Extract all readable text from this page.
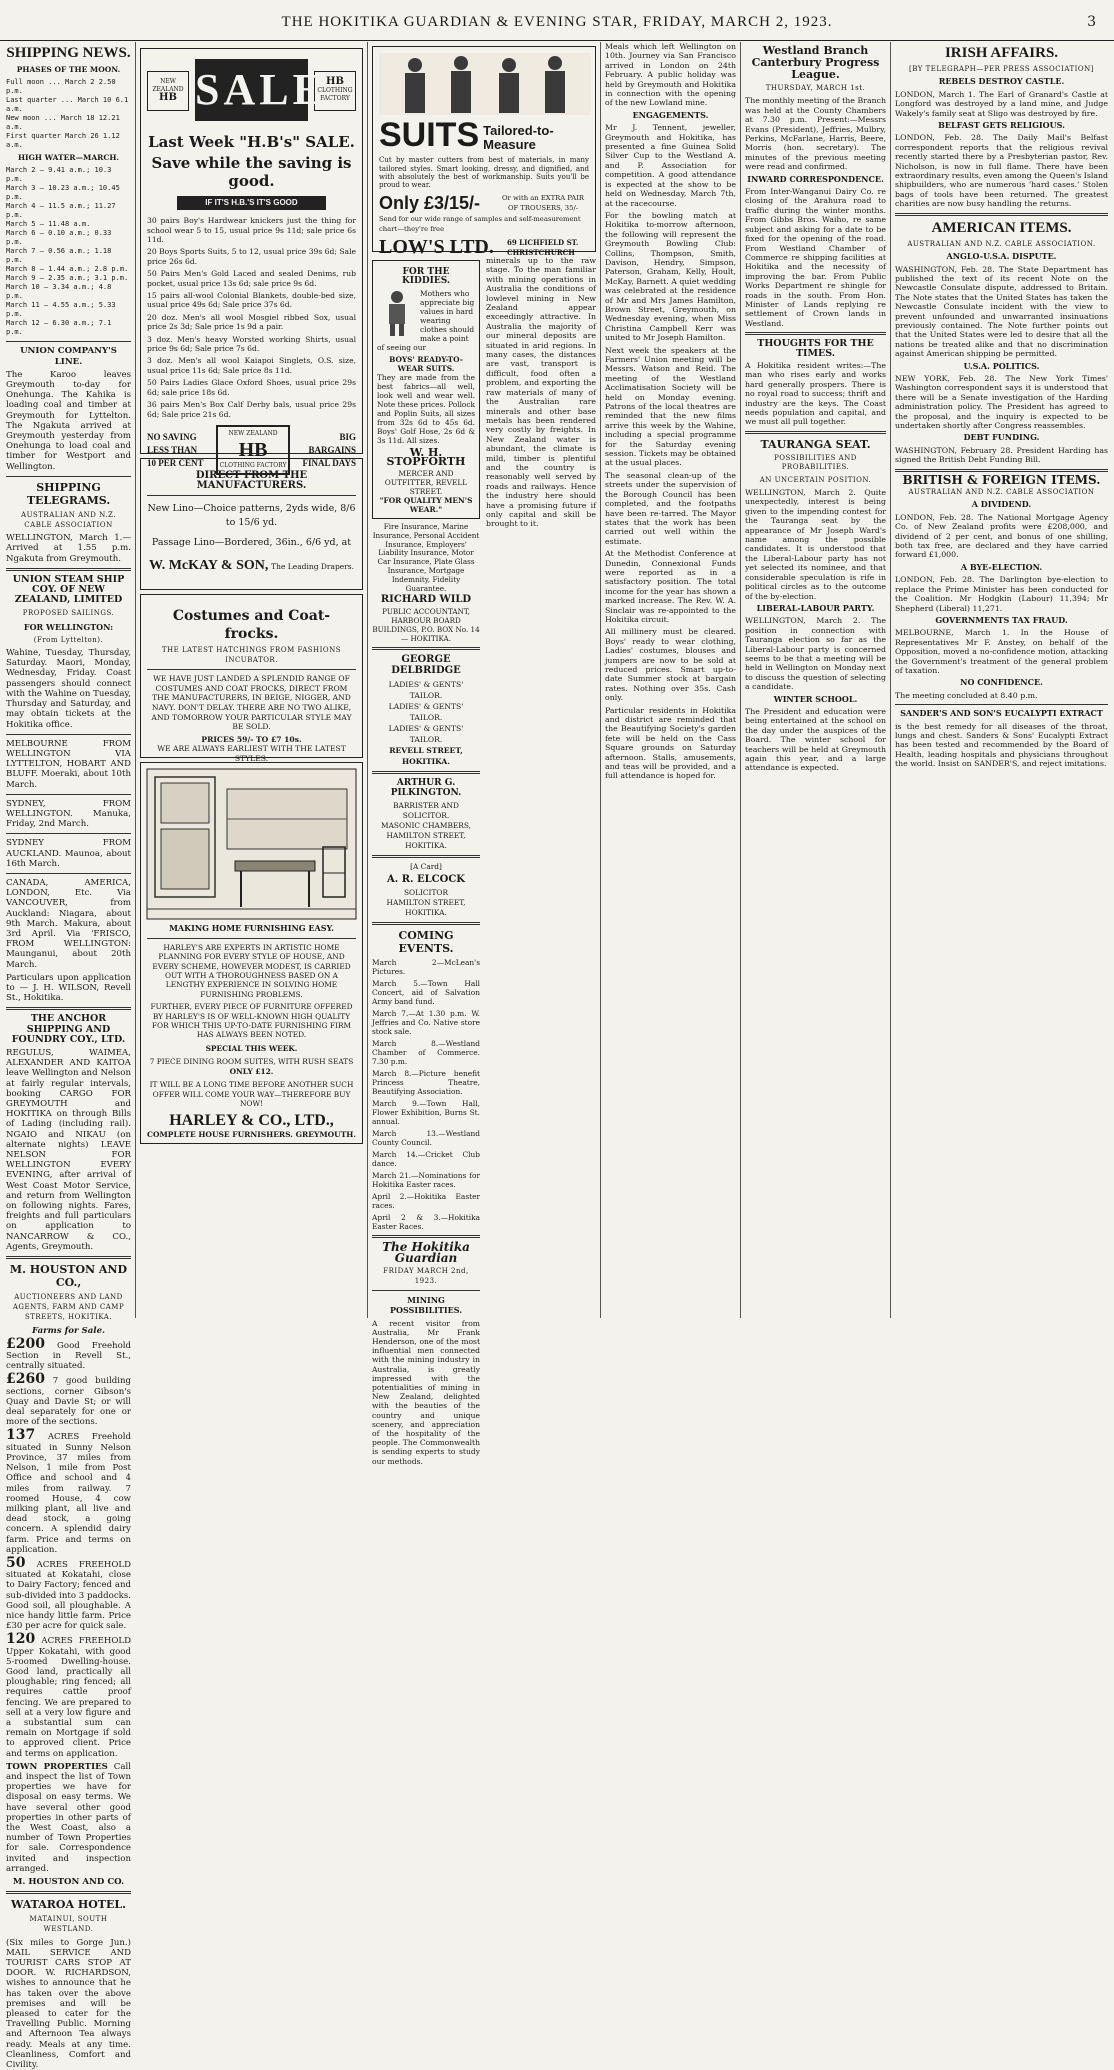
THE HOKITIKA GUARDIAN & EVENING STAR, FRIDAY, MARCH 2, 1923.	3
SHIPPING NEWS.
PHASES OF THE MOON.
Full moon ... March 2 2.50 p.m.
Last quarter ... March 10 6.1 a.m.
New moon ... March 18 12.21 a.m.
First quarter March 26 1.12 a.m.
HIGH WATER—MARCH.
March 2 — 9.41 a.m.; 10.3 p.m.
March 3 — 10.23 a.m.; 10.45 p.m.
March 4 — 11.5 a.m.; 11.27 p.m.
March 5 — 11.48 a.m.
March 6 — 0.10 a.m.; 0.33 p.m.
March 7 — 0.56 a.m.; 1.18 p.m.
March 8 — 1.44 a.m.; 2.8 p.m.
March 9 — 2.35 a.m.; 3.1 p.m.
March 10 — 3.34 a.m.; 4.8 p.m.
March 11 — 4.55 a.m.; 5.33 p.m.
March 12 — 6.30 a.m.; 7.1 p.m.
UNION COMPANY'S LINE.

The Karoo leaves Greymouth to-day for Onehunga. The Kahika is loading coal and timber at Greymouth for Lyttelton. The Ngakuta arrived at Greymouth yesterday from Onehunga to load coal and timber for Westport and Wellington.

SHIPPING TELEGRAMS.
AUSTRALIAN AND N.Z. CABLE ASSOCIATION

WELLINGTON, March 1.—Arrived at 1.55 p.m. Ngakuta from Greymouth.

UNION STEAM SHIP COY. OF NEW ZEALAND, LIMITED
PROPOSED SAILINGS.
FOR WELLINGTON:
(From Lyttelton).

Wahine, Tuesday, Thursday, Saturday. Maori, Monday, Wednesday, Friday. Coast passengers should connect with the Wahine on Tuesday, Thursday and Saturday, and may obtain tickets at the Hokitika office.

MELBOURNE FROM WELLINGTON VIA LYTTELTON, HOBART AND BLUFF. Moeraki, about 10th March.

SYDNEY, FROM WELLINGTON. Manuka, Friday, 2nd March.

SYDNEY FROM AUCKLAND. Maunoa, about 16th March.

CANADA, AMERICA, LONDON, Etc. Via VANCOUVER, from Auckland: Niagara, about 9th March. Makura, about 3rd April. Via 'FRISCO, FROM WELLINGTON: Maunganui, about 20th March.

Particulars upon application to — J. H. WILSON, Revell St., Hokitika.

THE ANCHOR SHIPPING AND FOUNDRY COY., LTD.

REGULUS, WAIMEA, ALEXANDER AND KAITOA leave Wellington and Nelson at fairly regular intervals, booking CARGO FOR GREYMOUTH and HOKITIKA on through Bills of Lading (including rail). NGAIO and NIKAU (on alternate nights) LEAVE NELSON FOR WELLINGTON EVERY EVENING, after arrival of West Coast Motor Service, and return from Wellington on following nights. Fares, freights and full particulars on application to NANCARROW & CO., Agents, Greymouth.

M. HOUSTON AND CO.,
AUCTIONEERS AND LAND AGENTS, FARM AND CAMP STREETS, HOKITIKA.
Farms for Sale.

£200 Good Freehold Section in Revell St., centrally situated.

£260 7 good building sections, corner Gibson's Quay and Davie St; or will deal separately for one or more of the sections.

137 ACRES Freehold situated in Sunny Nelson Province, 37 miles from Nelson, 1 mile from Post Office and school and 4 miles from railway. 7 roomed House, 4 cow milking plant, all live and dead stock, a going concern. A splendid dairy farm. Price and terms on application.

50 ACRES FREEHOLD situated at Kokatahi, close to Dairy Factory; fenced and sub-divided into 3 paddocks. Good soil, all ploughable. A nice handy little farm. Price £30 per acre for quick sale.

120 ACRES FREEHOLD Upper Kokatahi, with good 5-roomed Dwelling-house. Good land, practically all ploughable; ring fenced; all requires cattle proof fencing. We are prepared to sell at a very low figure and a substantial sum can remain on Mortgage if sold to approved client. Price and terms on application.

TOWN PROPERTIES Call and inspect the list of Town properties we have for disposal on easy terms. We have several other good properties in other parts of the West Coast, also a number of Town Properties for sale. Correspondence invited and inspection arranged.

M. HOUSTON AND CO.
WATAROA HOTEL.
MATAINUI, SOUTH WESTLAND.

(Six miles to Gorge Jun.) MAIL SERVICE AND TOURIST CARS STOP AT DOOR. W. RICHARDSON, wishes to announce that he has taken over the above premises and will be pleased to cater for the Travelling Public. Morning and Afternoon Tea always ready. Meals at any time. Cleanliness, Comfort and Civility.

NEW ZEALAND
HB
HB
CLOTHING FACTORY
SALE
Last Week "H.B's" SALE.
Save while the saving is good.
IF IT'S H.B.'S IT'S GOOD

30 pairs Boy's Hardwear knickers just the thing for school wear 5 to 15, usual price 9s 11d; sale price 6s 11d.

20 Boys Sports Suits, 5 to 12, usual price 39s 6d; Sale price 26s 6d.

50 Pairs Men's Gold Laced and sealed Denims, rub pocket, usual price 13s 6d; sale price 9s 6d.

15 pairs all-wool Colonial Blankets, double-bed size, usual price 49s 6d; Sale price 37s 6d.

20 doz. Men's all wool Mosgiel ribbed Sox, usual price 2s 3d; Sale price 1s 9d a pair.

3 doz. Men's heavy Worsted working Shirts, usual price 9s 6d; Sale price 7s 6d.

3 doz. Men's all wool Kaiapoi Singlets, O.S. size, usual price 11s 6d; Sale price 8s 11d.

50 Pairs Ladies Glace Oxford Shoes, usual price 29s 6d; sale price 18s 6d.

36 pairs Men's Box Calf Derby bals, usual price 29s 6d; Sale price 21s 6d.

NO SAVING
LESS THAN
10 PER CENT
NEW ZEALAND
HB
CLOTHING FACTORY
BIG
BARGAINS
FINAL DAYS
DIRECT FROM THE MANUFACTURERS.
New Lino—Choice patterns, 2yds wide, 8/6 to 15/6 yd.
Passage Lino—Bordered, 36in., 6/6 yd, at
W. McKAY & SON, The Leading Drapers.
Costumes and Coat-frocks.
THE LATEST HATCHINGS FROM FASHIONS INCUBATOR.

WE HAVE JUST LANDED A SPLENDID RANGE OF COSTUMES AND COAT FROCKS, DIRECT FROM THE MANUFACTURERS, IN BEIGE, NIGGER, AND NAVY. DON'T DELAY. THERE ARE NO TWO ALIKE, AND TOMORROW YOUR PARTICULAR STYLE MAY BE SOLD.

PRICES 59/- TO £7 10s.
WE ARE ALWAYS EARLIEST WITH THE LATEST STYLES.
MAKING HOME FURNISHING EASY.

HARLEY'S ARE EXPERTS IN ARTISTIC HOME PLANNING FOR EVERY STYLE OF HOUSE, AND EVERY SCHEME, HOWEVER MODEST, IS CARRIED OUT WITH A THOROUGHNESS BASED ON A LENGTHY EXPERIENCE IN SOLVING HOME FURNISHING PROBLEMS.

FURTHER, EVERY PIECE OF FURNITURE OFFERED BY HARLEY'S IS OF WELL-KNOWN HIGH QUALITY FOR WHICH THIS UP-TO-DATE FURNISHING FIRM HAS ALWAYS BEEN NOTED.

SPECIAL THIS WEEK.
7 PIECE DINING ROOM SUITES, WITH RUSH SEATS
ONLY £12.

IT WILL BE A LONG TIME BEFORE ANOTHER SUCH OFFER WILL COME YOUR WAY—THEREFORE BUY NOW!

HARLEY & CO., LTD.,
COMPLETE HOUSE FURNISHERS. GREYMOUTH.
SUITS Tailored-to-Measure

Cut by master cutters from best of materials, in many tailored styles. Smart looking, dressy, and dignified, and with absolutely the best of workmanship. Suits you'll be proud to wear.

Only £3/15/-	Or with an EXTRA PAIR OF TROUSERS, 35/-
Send for our wide range of samples and self-measurement chart—they're free
LOW'S LTD. 69 LICHFIELD ST. CHRISTCHURCH
FOR THE KIDDIES.

Mothers who appreciate big values in hard wearing clothes should make a point of seeing our

BOYS' READY-TO-WEAR SUITS.

They are made from the best fabrics—all well, look well and wear well. Note these prices. Pollock and Poplin Suits, all sizes from 32s 6d to 45s 6d. Boys' Golf Hose, 2s 6d & 3s 11d. All sizes.

W. H. STOPFORTH
MERCER AND OUTFITTER, REVELL STREET.
"FOR QUALITY MEN'S WEAR."

Fire Insurance, Marine Insurance, Personal Accident Insurance, Employers' Liability Insurance, Motor Car Insurance, Plate Glass Insurance, Mortgage Indemnity, Fidelity Guarantee.

RICHARD WILD
PUBLIC ACCOUNTANT, HARBOUR BOARD BUILDINGS, P.O. BOX No. 14 — HOKITIKA.
GEORGE DELBRIDGE
LADIES' & GENTS' TAILOR.
LADIES' & GENTS' TAILOR.
LADIES' & GENTS' TAILOR.
REVELL STREET, HOKITIKA.
ARTHUR G. PILKINGTON.
BARRISTER AND SOLICITOR.
MASONIC CHAMBERS, HAMILTON STREET, HOKITIKA.
[A Card]
A. R. ELCOCK
SOLICITOR
HAMILTON STREET, HOKITIKA.
COMING EVENTS.

March 2—McLean's Pictures.

March 5.—Town Hall Concert, aid of Salvation Army band fund.

March 7.—At 1.30 p.m. W. Jeffries and Co. Native store stock sale.

March 8.—Westland Chamber of Commerce. 7.30 p.m.

March 8.—Picture benefit Princess Theatre, Beautifying Association.

March 9.—Town Hall, Flower Exhibition, Burns St. annual.

March 13.—Westland County Council.

March 14.—Cricket Club dance.

March 21.—Nominations for Hokitika Easter races.

April 2.—Hokitika Easter races.

April 2 & 3.—Hokitika Easter Races.

The Hokitika Guardian
FRIDAY MARCH 2nd, 1923.
MINING POSSIBILITIES.

A recent visitor from Australia, Mr Frank Henderson, one of the most influential men connected with the mining industry in Australia, is greatly impressed with the potentialities of mining in New Zealand, delighted with the beauties of the country and unique scenery, and appreciation of the hospitality of the people. The Commonwealth is sending experts to study our methods.

minerals up to the raw stage. To the man familiar with mining operations in Australia the conditions of lowlevel mining in New Zealand appear exceedingly attractive. In Australia the majority of our mineral deposits are situated in arid regions. In many cases, the distances are vast, transport is difficult, food often a problem, and exporting the raw materials of many of the Australian rare minerals and other base metals has been rendered very costly by freights. In New Zealand water is abundant, the climate is mild, timber is plentiful and the country is reasonably well served by roads and railways. Hence the industry here should have a promising future if only capital and skill be brought to it.

Meals which left Wellington on 10th. Journey via San Francisco arrived in London on 24th February. A public holiday was held by Greymouth and Hokitika in connection with the opening of the new Lowland mine.

ENGAGEMENTS.

Mr J. Tennent, jeweller, Greymouth and Hokitika, has presented a fine Guinea Solid Silver Cup to the Westland A. and P. Association for competition. A good attendance is expected at the show to be held on Wednesday, March 7th, at the racecourse.

For the bowling match at Hokitika to-morrow afternoon, the following will represent the Greymouth Bowling Club: Collins, Thompson, Smith, Davison, Hendry, Simpson, Paterson, Graham, Kelly, Hoult, McKay, Barnett. A quiet wedding was celebrated at the residence of Mr and Mrs James Hamilton, Brown Street, Greymouth, on Wednesday evening, when Miss Christina Campbell Kerr was united to Mr Joseph Hamilton.

Next week the speakers at the Farmers' Union meeting will be Messrs. Watson and Reid. The meeting of the Westland Acclimatisation Society will be held on Monday evening. Patrons of the local theatres are reminded that the new films arrive this week by the Wahine, including a special programme for the Saturday evening session. Tickets may be obtained at the usual places.

The seasonal clean-up of the streets under the supervision of the Borough Council has been completed, and the footpaths have been re-tarred. The Mayor states that the work has been carried out well within the estimate.

At the Methodist Conference at Dunedin, Connexional Funds were reported as in a satisfactory position. The total income for the year has shown a marked increase. The Rev. W. A. Sinclair was re-appointed to the Hokitika circuit.

All millinery must be cleared. Boys' ready to wear clothing, Ladies' costumes, blouses and jumpers are now to be sold at reduced prices. Smart up-to-date Summer stock at bargain rates. Nothing over 35s. Cash only.

Particular residents in Hokitika and district are reminded that the Beautifying Society's garden fete will be held on the Cass Square grounds on Saturday afternoon. Stalls, amusements, and teas will be provided, and a full attendance is hoped for.

Westland Branch Canterbury Progress League.
THURSDAY, MARCH 1st.

The monthly meeting of the Branch was held at the County Chambers at 7.30 p.m. Present:—Messrs Evans (President), Jeffries, Mulbry, Perkins, McFarlane, Harris, Beere, Morris (hon. secretary). The minutes of the previous meeting were read and confirmed.

INWARD CORRESPONDENCE.

From Inter-Wanganui Dairy Co. re closing of the Arahura road to traffic during the winter months. From Gibbs Bros. Waiho, re same subject and asking for a date to be fixed for the opening of the road. From Westland Chamber of Commerce re shipping facilities at Hokitika and the necessity of improving the bar. From Public Works Department re shingle for roads in the south. From Hon. Minister of Lands replying re settlement of Crown lands in Westland.

THOUGHTS FOR THE TIMES.

A Hokitika resident writes:—The man who rises early and works hard generally prospers. There is no royal road to success; thrift and industry are the keys. The Coast needs population and capital, and we must all pull together.

TAURANGA SEAT.
POSSIBILITIES AND PROBABILITIES.
AN UNCERTAIN POSITION.

WELLINGTON, March 2. Quite unexpectedly, interest is being given to the impending contest for the Tauranga seat by the appearance of Mr Joseph Ward's name among the possible candidates. It is understood that the Liberal-Labour party has not yet selected its nominee, and that considerable speculation is rife in political circles as to the outcome of the by-election.

LIBERAL-LABOUR PARTY.

WELLINGTON, March 2. The position in connection with Tauranga election so far as the Liberal-Labour party is concerned seems to be that a meeting will be held in Wellington on Monday next to discuss the question of selecting a candidate.

WINTER SCHOOL.

The President and education were being entertained at the school on the day under the auspices of the Board. The winter school for teachers will be held at Greymouth again this year, and a large attendance is expected.

IRISH AFFAIRS.
[BY TELEGRAPH—PER PRESS ASSOCIATION]
REBELS DESTROY CASTLE.

LONDON, March 1. The Earl of Granard's Castle at Longford was destroyed by a land mine, and Judge Wakely's family seat at Sligo was destroyed by fire.

BELFAST GETS RELIGIOUS.

LONDON, Feb. 28. The Daily Mail's Belfast correspondent reports that the religious revival recently started there by a Presbyterian pastor, Rev. Nicholson, is now in full flame. There have been extraordinary results, even among the Queen's Island shipbuilders, who are numerous 'hard cases.' Stolen bags of tools have been returned. The greatest charities are now busy handling the returns.

AMERICAN ITEMS.
AUSTRALIAN AND N.Z. CABLE ASSOCIATION.
ANGLO-U.S.A. DISPUTE.

WASHINGTON, Feb. 28. The State Department has published the text of its recent Note on the Newcastle Consulate dispute, addressed to Britain. The Note states that the United States has taken the Newcastle Consulate incident with the view to prevent unfounded and unwarranted insinuations previously contained. The Note further points out that the United States were led to desire that all the nations be treated alike and that no discrimination against American shipping be permitted.

U.S.A. POLITICS.

NEW YORK, Feb. 28. The New York Times' Washington correspondent says it is understood that there will be a Senate investigation of the Harding administration policy. The President has agreed to the proposal, and the inquiry is expected to be undertaken shortly after Congress reassembles.

DEBT FUNDING.

WASHINGTON, February 28. President Harding has signed the British Debt Funding Bill.

BRITISH & FOREIGN ITEMS.
AUSTRALIAN AND N.Z. CABLE ASSOCIATION
A DIVIDEND.

LONDON, Feb. 28. The National Mortgage Agency Co. of New Zealand profits were £208,000, and dividend of 2 per cent, and bonus of one shilling, both tax free, are declared and they have carried forward £1,000.

A BYE-ELECTION.

LONDON, Feb. 28. The Darlington bye-election to replace the Prime Minister has been conducted for the Coalition. Mr Hodgkin (Labour) 11,394; Mr Shepherd (Liberal) 11,271.

GOVERNMENTS TAX FRAUD.

MELBOURNE, March 1. In the House of Representatives Mr F. Anstey, on behalf of the Opposition, moved a no-confidence motion, attacking the Government's treatment of the general problem of taxation.

NO CONFIDENCE.

The meeting concluded at 8.40 p.m.

SANDER'S AND SON'S EUCALYPTI EXTRACT

is the best remedy for all diseases of the throat, lungs and chest. Sanders & Sons' Eucalypti Extract has been tested and recommended by the Board of Health, leading hospitals and physicians throughout the world. Insist on SANDER'S, and reject imitations.
